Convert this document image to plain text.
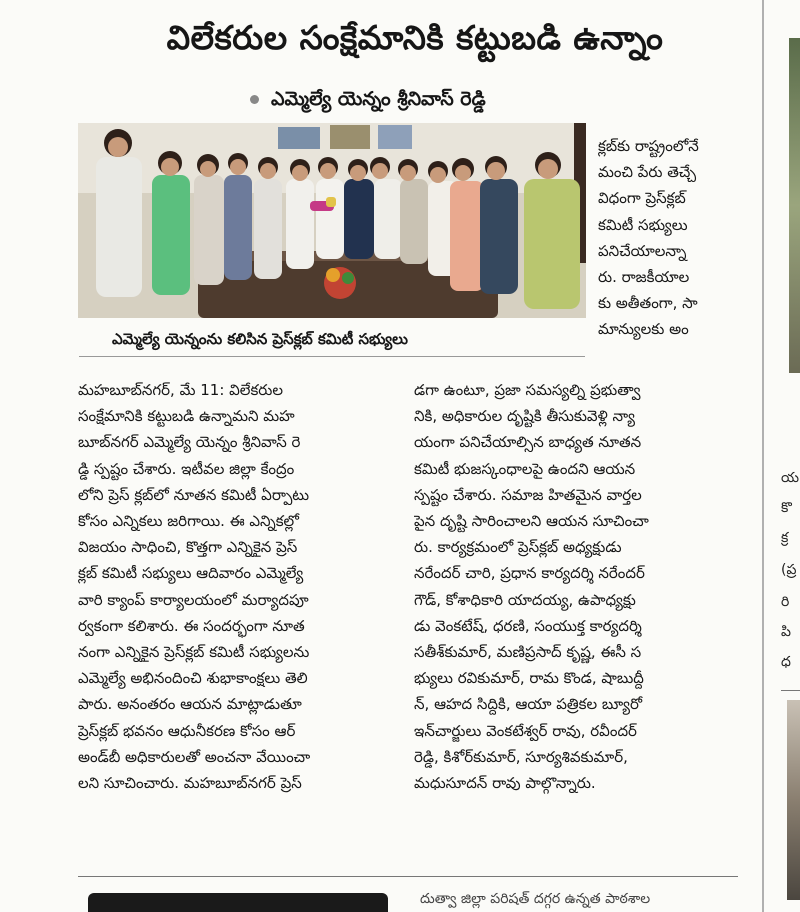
విలేకరుల సంక్షేమానికి కట్టుబడి ఉన్నాం
ఎమ్మెల్యే యెన్నం శ్రీనివాస్ రెడ్డి
ఎమ్మెల్యే యెన్నంను కలిసిన ప్రెస్‌క్లబ్ కమిటీ సభ్యులు
క్లబ్‌కు రాష్ట్రంలోనే
మంచి పేరు తెచ్చే
విధంగా ప్రెస్‌క్లబ్
కమిటీ సభ్యులు
పనిచేయాలన్నా
రు. రాజకీయాల
కు అతీతంగా, సా
మాన్యులకు అం
మహబూబ్‌నగర్, మే 11: విలేకరుల
సంక్షేమానికి కట్టుబడి ఉన్నామని మహ
బూబ్‌నగర్ ఎమ్మెల్యే యెన్నం శ్రీనివాస్ రె
డ్డి స్పష్టం చేశారు. ఇటీవల జిల్లా కేంద్రం
లోని ప్రెస్ క్లబ్‌లో నూతన కమిటీ ఏర్పాటు
కోసం ఎన్నికలు జరిగాయి. ఈ ఎన్నికల్లో
విజయం సాధించి, కొత్తగా ఎన్నికైన ప్రెస్
క్లబ్ కమిటీ సభ్యులు ఆదివారం ఎమ్మెల్యే
వారి క్యాంప్ కార్యాలయంలో మర్యాదపూ
ర్వకంగా కలిశారు. ఈ సందర్భంగా నూత
నంగా ఎన్నికైన ప్రెస్‌క్లబ్ కమిటీ సభ్యులను
ఎమ్మెల్యే అభినందించి శుభాకాంక్షలు తెలి
పారు. అనంతరం ఆయన మాట్లాడుతూ
ప్రెస్‌క్లబ్ భవనం ఆధునీకరణ కోసం ఆర్
అండ్‌బీ అధికారులతో అంచనా వేయించా
లని సూచించారు. మహబూబ్‌నగర్ ప్రెస్
డగా ఉంటూ, ప్రజా సమస్యల్ని ప్రభుత్వా
నికి, అధికారుల దృష్టికి తీసుకువెళ్లి న్యా
యంగా పనిచేయాల్సిన బాధ్యత నూతన
కమిటీ భుజస్కంధాలపై ఉందని ఆయన
స్పష్టం చేశారు. సమాజ హితమైన వార్తల
పైన దృష్టి సారించాలని ఆయన సూచించా
రు. కార్యక్రమంలో ప్రెస్‌క్లబ్ అధ్యక్షుడు
నరేందర్ చారి, ప్రధాన కార్యదర్శి నరేందర్
గౌడ్, కోశాధికారి యాదయ్య, ఉపాధ్యక్షు
డు వెంకటేష్, ధరణి, సంయుక్త కార్యదర్శి
సతీశ్‌కుమార్, మణిప్రసాద్ కృష్ణ, ఈసీ స
భ్యులు రవికుమార్, రామ కొండ, షాబుద్దీ
న్, ఆహద సిద్దికి, ఆయా పత్రికల బ్యూరో
ఇన్‌చార్జులు వెంకటేశ్వర్ రావు, రవీందర్
రెడ్డి, కిశోర్‌కుమార్, సూర్యశివకుమార్,
మధుసూదన్ రావు పాల్గొన్నారు.
దుత్వా జిల్లా పరిషత్ దగ్గర ఉన్నత పాఠశాల
య
కొ
క్ర
(ప్ర
రి
పి
ధ
